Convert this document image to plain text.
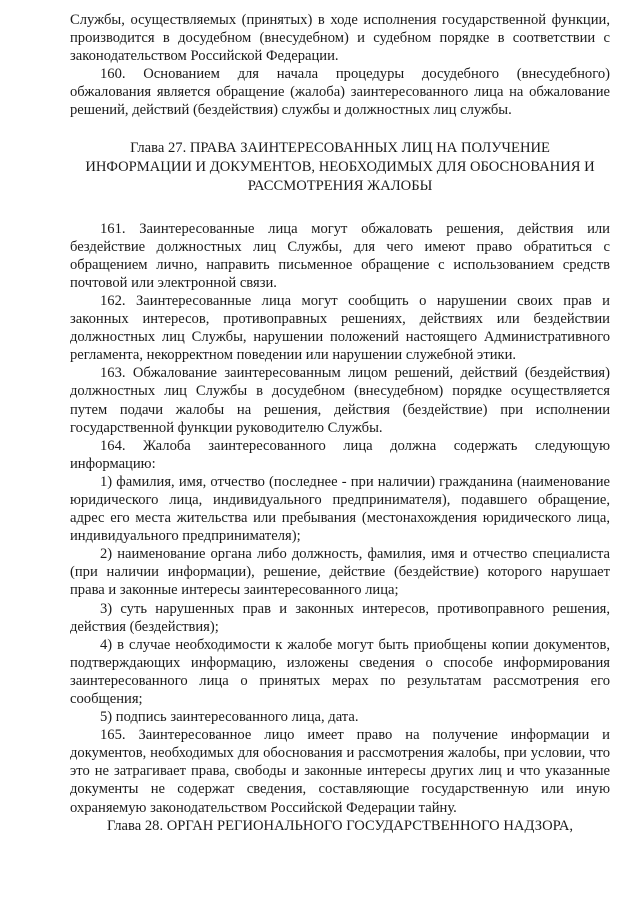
Службы, осуществляемых (принятых) в ходе исполнения государственной функции, производится в досудебном (внесудебном) и судебном порядке в соответствии с законодательством Российской Федерации.

160. Основанием для начала процедуры досудебного (внесудебного) обжалования является обращение (жалоба) заинтересованного лица на обжалование решений, действий (бездействия) службы и должностных лиц службы.

Глава 27. ПРАВА ЗАИНТЕРЕСОВАННЫХ ЛИЦ НА ПОЛУЧЕНИЕ ИНФОРМАЦИИ И ДОКУМЕНТОВ, НЕОБХОДИМЫХ ДЛЯ ОБОСНОВАНИЯ И РАССМОТРЕНИЯ ЖАЛОБЫ

161. Заинтересованные лица могут обжаловать решения, действия или бездействие должностных лиц Службы, для чего имеют право обратиться с обращением лично, направить письменное обращение с использованием средств почтовой или электронной связи.

162. Заинтересованные лица могут сообщить о нарушении своих прав и законных интересов, противоправных решениях, действиях или бездействии должностных лиц Службы, нарушении положений настоящего Административного регламента, некорректном поведении или нарушении служебной этики.

163. Обжалование заинтересованным лицом решений, действий (бездействия) должностных лиц Службы в досудебном (внесудебном) порядке осуществляется путем подачи жалобы на решения, действия (бездействие) при исполнении государственной функции руководителю Службы.

164. Жалоба заинтересованного лица должна содержать следующую информацию:

1) фамилия, имя, отчество (последнее - при наличии) гражданина (наименование юридического лица, индивидуального предпринимателя), подавшего обращение, адрес его места жительства или пребывания (местонахождения юридического лица, индивидуального предпринимателя);

2) наименование органа либо должность, фамилия, имя и отчество специалиста (при наличии информации), решение, действие (бездействие) которого нарушает права и законные интересы заинтересованного лица;

3) суть нарушенных прав и законных интересов, противоправного решения, действия (бездействия);

4) в случае необходимости к жалобе могут быть приобщены копии документов, подтверждающих информацию, изложены сведения о способе информирования заинтересованного лица о принятых мерах по результатам рассмотрения его сообщения;

5) подпись заинтересованного лица, дата.

165. Заинтересованное лицо имеет право на получение информации и документов, необходимых для обоснования и рассмотрения жалобы, при условии, что это не затрагивает права, свободы и законные интересы других лиц и что указанные документы не содержат сведения, составляющие государственную или иную охраняемую законодательством Российской Федерации тайну.

Глава 28. ОРГАН РЕГИОНАЛЬНОГО ГОСУДАРСТВЕННОГО НАДЗОРА,
